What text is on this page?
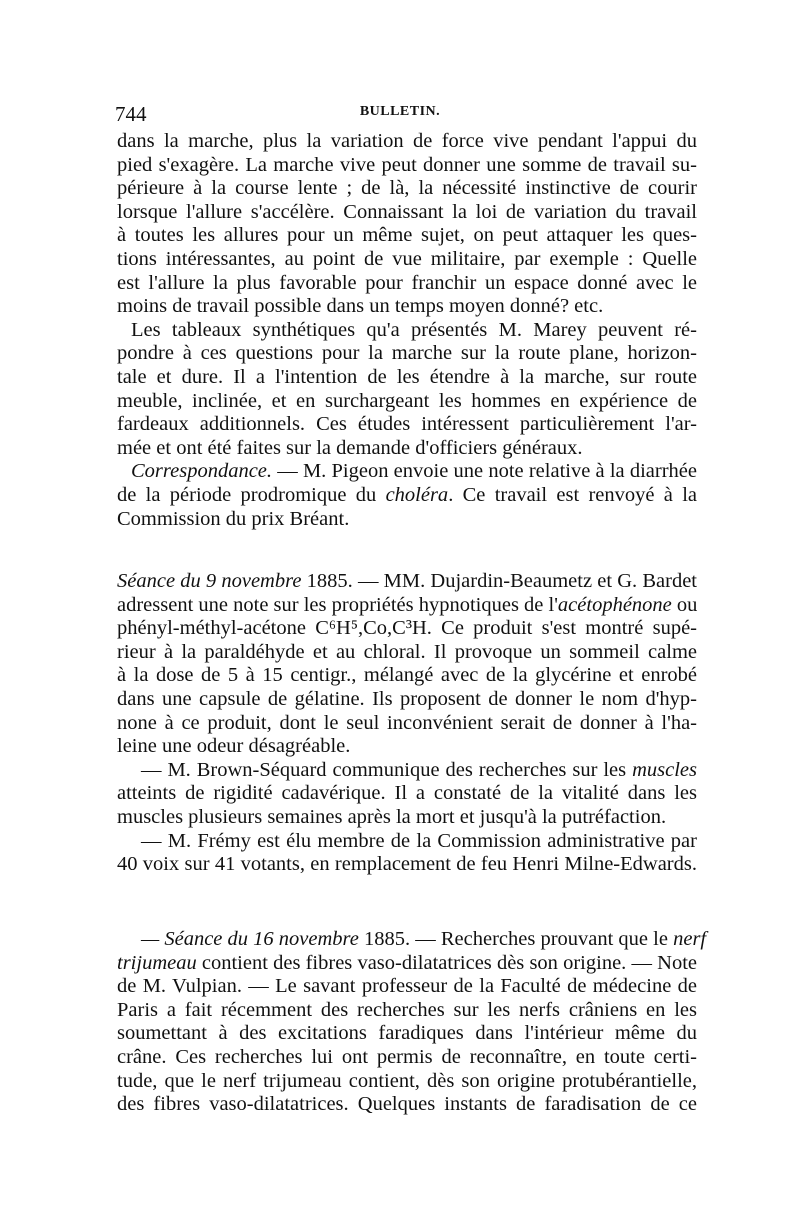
744	BULLETIN.
dans la marche, plus la variation de force vive pendant l'appui du
pied s'exagère. La marche vive peut donner une somme de travail su-
périeure à la course lente ; de là, la nécessité instinctive de courir
lorsque l'allure s'accélère. Connaissant la loi de variation du travail
à toutes les allures pour un même sujet, on peut attaquer les ques-
tions intéressantes, au point de vue militaire, par exemple : Quelle
est l'allure la plus favorable pour franchir un espace donné avec le
moins de travail possible dans un temps moyen donné? etc.
Les tableaux synthétiques qu'a présentés M. Marey peuvent ré-
pondre à ces questions pour la marche sur la route plane, horizon-
tale et dure. Il a l'intention de les étendre à la marche, sur route
meuble, inclinée, et en surchargeant les hommes en expérience de
fardeaux additionnels. Ces études intéressent particulièrement l'ar-
mée et ont été faites sur la demande d'officiers généraux.
Correspondance. — M. Pigeon envoie une note relative à la diarrhée
de la période prodromique du choléra. Ce travail est renvoyé à la
Commission du prix Bréant.
Séance du 9 novembre 1885. — MM. Dujardin-Beaumetz et G. Bardet
adressent une note sur les propriétés hypnotiques de l'acétophénone ou
phényl-méthyl-acétone C⁶H⁵,Co,C³H. Ce produit s'est montré supé-
rieur à la paraldéhyde et au chloral. Il provoque un sommeil calme
à la dose de 5 à 15 centigr., mélangé avec de la glycérine et enrobé
dans une capsule de gélatine. Ils proposent de donner le nom d'hyp-
none à ce produit, dont le seul inconvénient serait de donner à l'ha-
leine une odeur désagréable.
— M. Brown-Séquard communique des recherches sur les muscles
atteints de rigidité cadavérique. Il a constaté de la vitalité dans les
muscles plusieurs semaines après la mort et jusqu'à la putréfaction.
— M. Frémy est élu membre de la Commission administrative par
40 voix sur 41 votants, en remplacement de feu Henri Milne-Edwards.
— Séance du 16 novembre 1885. — Recherches prouvant que le nerf
trijumeau contient des fibres vaso-dilatatrices dès son origine. — Note
de M. Vulpian. — Le savant professeur de la Faculté de médecine de
Paris a fait récemment des recherches sur les nerfs crâniens en les
soumettant à des excitations faradiques dans l'intérieur même du
crâne. Ces recherches lui ont permis de reconnaître, en toute certi-
tude, que le nerf trijumeau contient, dès son origine protubérantielle,
des fibres vaso-dilatatrices. Quelques instants de faradisation de ce
